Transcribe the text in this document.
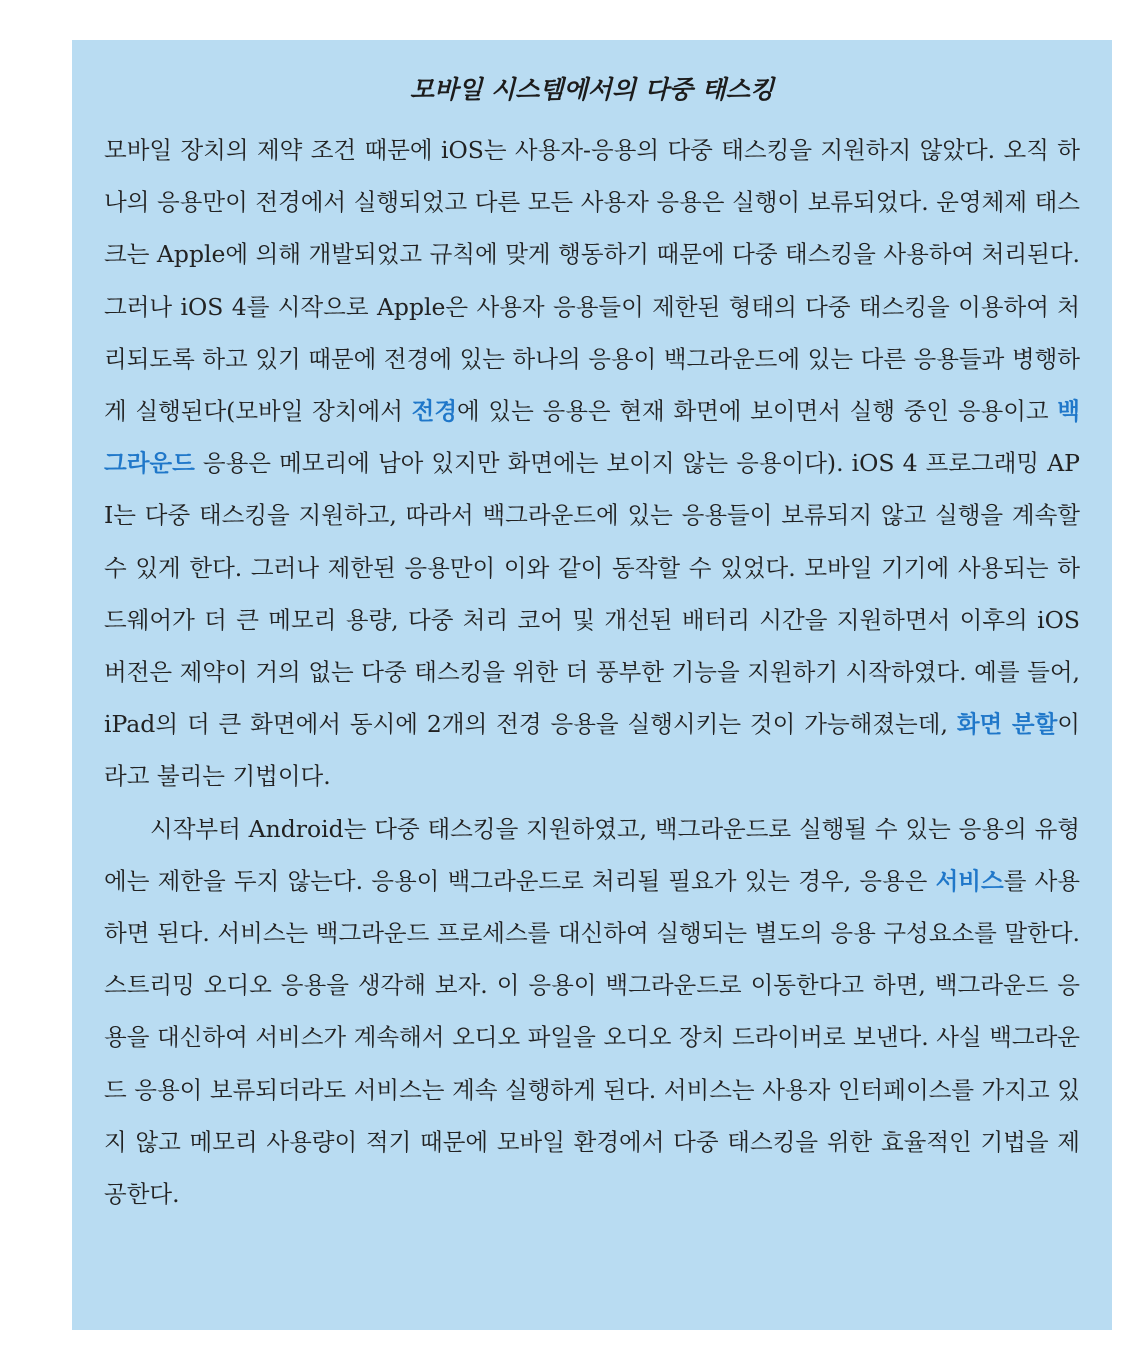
모바일 시스템에서의 다중 태스킹

모바일 장치의 제약 조건 때문에 iOS는 사용자-응용의 다중 태스킹을 지원하지 않았다. 오직 하나의 응용만이 전경에서 실행되었고 다른 모든 사용자 응용은 실행이 보류되었다. 운영체제 태스크는 Apple에 의해 개발되었고 규칙에 맞게 행동하기 때문에 다중 태스킹을 사용하여 처리된다. 그러나 iOS 4를 시작으로 Apple은 사용자 응용들이 제한된 형태의 다중 태스킹을 이용하여 처리되도록 하고 있기 때문에 전경에 있는 하나의 응용이 백그라운드에 있는 다른 응용들과 병행하게 실행된다(모바일 장치에서 전경에 있는 응용은 현재 화면에 보이면서 실행 중인 응용이고 백그라운드 응용은 메모리에 남아 있지만 화면에는 보이지 않는 응용이다). iOS 4 프로그래밍 API는 다중 태스킹을 지원하고, 따라서 백그라운드에 있는 응용들이 보류되지 않고 실행을 계속할 수 있게 한다. 그러나 제한된 응용만이 이와 같이 동작할 수 있었다. 모바일 기기에 사용되는 하드웨어가 더 큰 메모리 용량, 다중 처리 코어 및 개선된 배터리 시간을 지원하면서 이후의 iOS 버전은 제약이 거의 없는 다중 태스킹을 위한 더 풍부한 기능을 지원하기 시작하였다. 예를 들어, iPad의 더 큰 화면에서 동시에 2개의 전경 응용을 실행시키는 것이 가능해졌는데, 화면 분할이라고 불리는 기법이다.

시작부터 Android는 다중 태스킹을 지원하였고, 백그라운드로 실행될 수 있는 응용의 유형에는 제한을 두지 않는다. 응용이 백그라운드로 처리될 필요가 있는 경우, 응용은 서비스를 사용하면 된다. 서비스는 백그라운드 프로세스를 대신하여 실행되는 별도의 응용 구성요소를 말한다. 스트리밍 오디오 응용을 생각해 보자. 이 응용이 백그라운드로 이동한다고 하면, 백그라운드 응용을 대신하여 서비스가 계속해서 오디오 파일을 오디오 장치 드라이버로 보낸다. 사실 백그라운드 응용이 보류되더라도 서비스는 계속 실행하게 된다. 서비스는 사용자 인터페이스를 가지고 있지 않고 메모리 사용량이 적기 때문에 모바일 환경에서 다중 태스킹을 위한 효율적인 기법을 제공한다.
